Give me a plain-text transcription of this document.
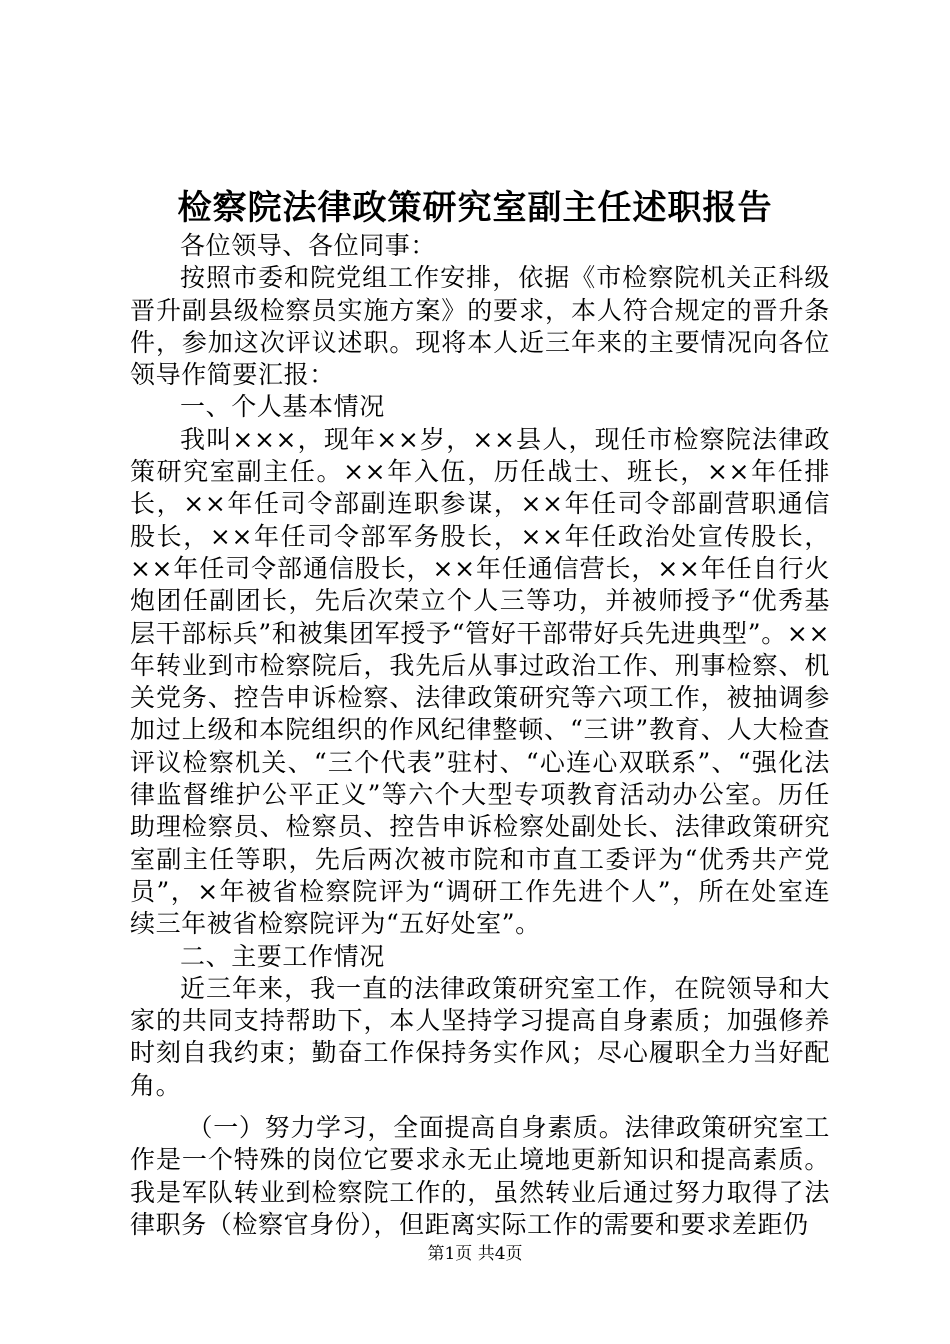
检察院法律政策研究室副主任述职报告

各位领导、各位同事：

按照市委和院党组工作安排，依据《市检察院机关正科级晋升副县级检察员实施方案》的要求，本人符合规定的晋升条件，参加这次评议述职。现将本人近三年来的主要情况向各位领导作简要汇报：

一、个人基本情况

我叫×××，现年××岁，××县人，现任市检察院法律政策研究室副主任。××年入伍，历任战士、班长，××年任排长，××年任司令部副连职参谋，××年任司令部副营职通信股长，××年任司令部军务股长，××年任政治处宣传股长，××年任司令部通信股长，××年任通信营长，××年任自行火炮团任副团长，先后次荣立个人三等功，并被师授予“优秀基层干部标兵”和被集团军授予“管好干部带好兵先进典型”。××年转业到市检察院后，我先后从事过政治工作、刑事检察、机关党务、控告申诉检察、法律政策研究等六项工作，被抽调参加过上级和本院组织的作风纪律整顿、“三讲”教育、人大检查评议检察机关、“三个代表”驻村、“心连心双联系”、“强化法律监督维护公平正义”等六个大型专项教育活动办公室。历任助理检察员、检察员、控告申诉检察处副处长、法律政策研究室副主任等职，先后两次被市院和市直工委评为“优秀共产党员”，×年被省检察院评为“调研工作先进个人”，所在处室连续三年被省检察院评为“五好处室”。

二、主要工作情况

近三年来，我一直的法律政策研究室工作，在院领导和大家的共同支持帮助下，本人坚持学习提高自身素质；加强修养时刻自我约束；勤奋工作保持务实作风；尽心履职全力当好配角。

（一）努力学习，全面提高自身素质。法律政策研究室工作是一个特殊的岗位它要求永无止境地更新知识和提高素质。我是军队转业到检察院工作的，虽然转业后通过努力取得了法律职务（检察官身份），但距离实际工作的需要和要求差距仍

第1页 共4页
